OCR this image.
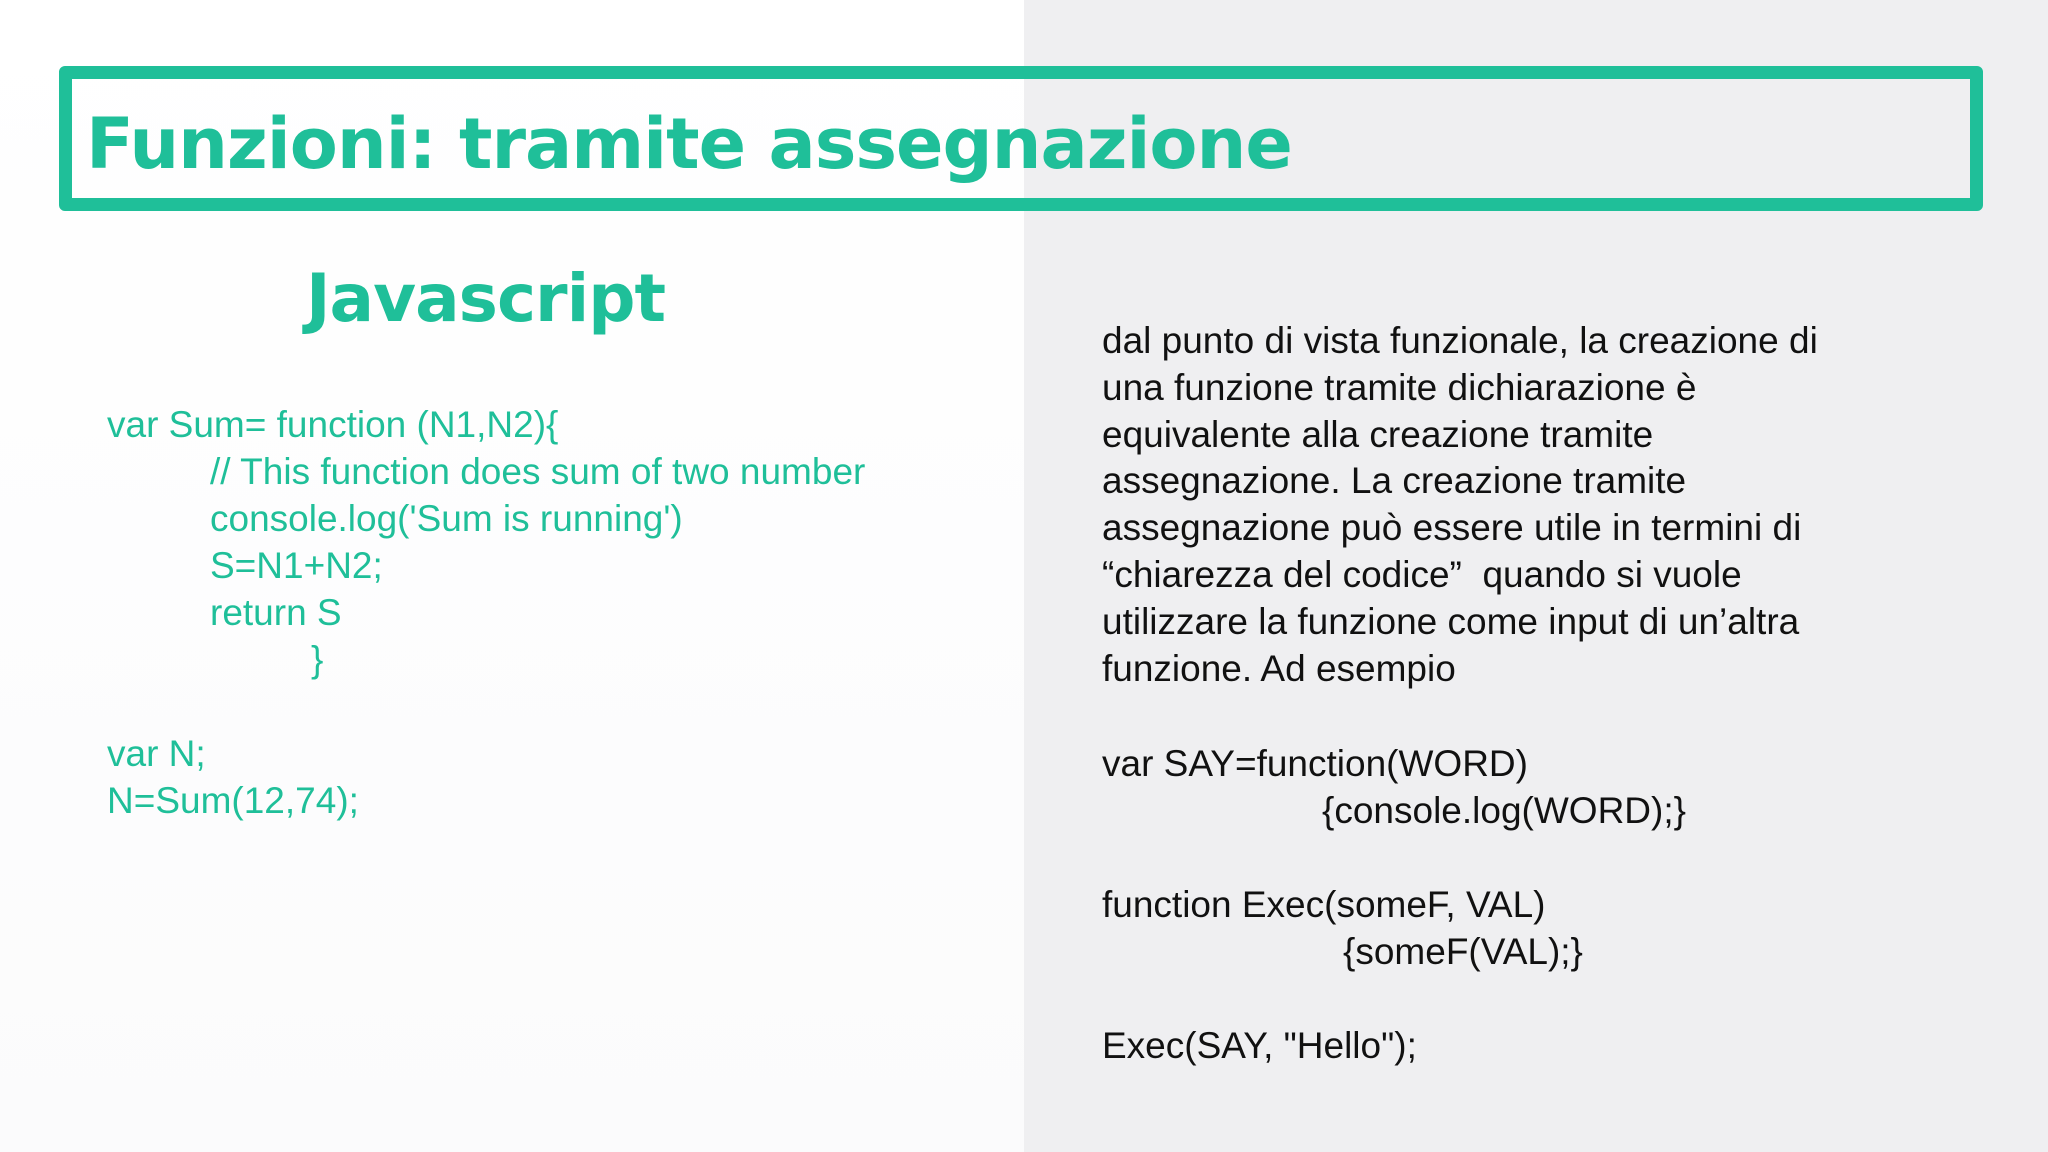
Funzioni: tramite assegnazione
Javascript
var Sum= function (N1,N2){
// This function does sum of two number
console.log('Sum is running')
S=N1+N2;
return S
}
var N;
N=Sum(12,74);
dal punto di vista funzionale, la creazione di
una funzione tramite dichiarazione è
equivalente alla creazione tramite
assegnazione. La creazione tramite
assegnazione può essere utile in termini di
“chiarezza del codice”  quando si vuole
utilizzare la funzione come input di un’altra
funzione. Ad esempio
var SAY=function(WORD)
{console.log(WORD);}
function Exec(someF, VAL)
{someF(VAL);}
Exec(SAY, "Hello");
